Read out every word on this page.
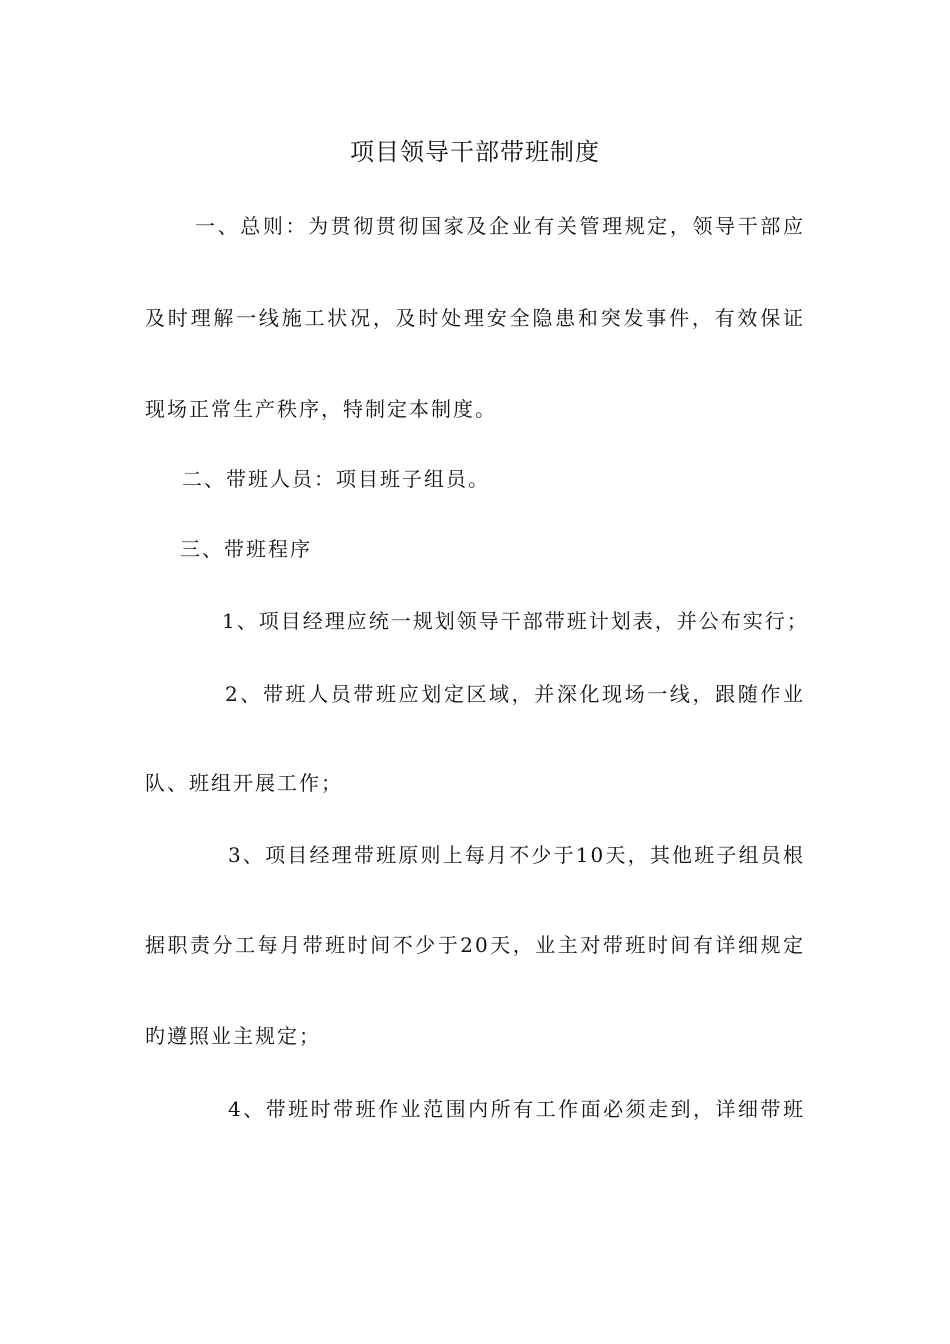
项目领导干部带班制度
一、总则：为贯彻贯彻国家及企业有关管理规定，领导干部应
及时理解一线施工状况，及时处理安全隐患和突发事件，有效保证
现场正常生产秩序，特制定本制度。
二、带班人员：项目班子组员。
三、带班程序
1、项目经理应统一规划领导干部带班计划表，并公布实行；
2、带班人员带班应划定区域，并深化现场一线，跟随作业
队、班组开展工作；
3、项目经理带班原则上每月不少于10天，其他班子组员根
据职责分工每月带班时间不少于20天，业主对带班时间有详细规定
旳遵照业主规定；
4、带班时带班作业范围内所有工作面必须走到，详细带班
